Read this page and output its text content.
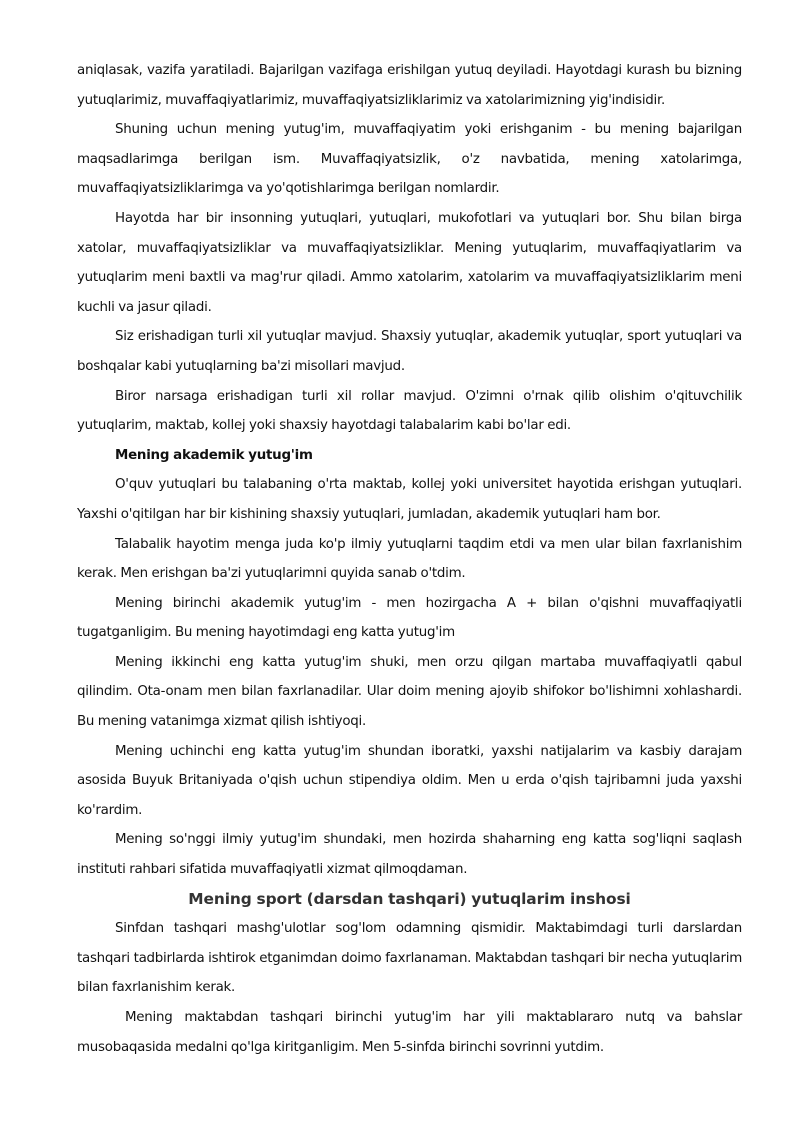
aniqlasak, vazifa yaratiladi. Bajarilgan vazifaga erishilgan yutuq deyiladi. Hayotdagi kurash bu bizning yutuqlarimiz, muvaffaqiyatlarimiz, muvaffaqiyatsizliklarimiz va xatolarimizning yig'indisidir.

Shuning uchun mening yutug'im, muvaffaqiyatim yoki erishganim - bu mening bajarilgan maqsadlarimga berilgan ism. Muvaffaqiyatsizlik, o'z navbatida, mening xatolarimga, muvaffaqiyatsizliklarimga va yo'qotishlarimga berilgan nomlardir.

Hayotda har bir insonning yutuqlari, yutuqlari, mukofotlari va yutuqlari bor. Shu bilan birga xatolar, muvaffaqiyatsizliklar va muvaffaqiyatsizliklar. Mening yutuqlarim, muvaffaqiyatlarim va yutuqlarim meni baxtli va mag'rur qiladi. Ammo xatolarim, xatolarim va muvaffaqiyatsizliklarim meni kuchli va jasur qiladi.

Siz erishadigan turli xil yutuqlar mavjud. Shaxsiy yutuqlar, akademik yutuqlar, sport yutuqlari va boshqalar kabi yutuqlarning ba'zi misollari mavjud.

Biror narsaga erishadigan turli xil rollar mavjud. O'zimni o'rnak qilib olishim o'qituvchilik yutuqlarim, maktab, kollej yoki shaxsiy hayotdagi talabalarim kabi bo'lar edi.

Mening akademik yutug'im

O'quv yutuqlari bu talabaning o'rta maktab, kollej yoki universitet hayotida erishgan yutuqlari. Yaxshi o'qitilgan har bir kishining shaxsiy yutuqlari, jumladan, akademik yutuqlari ham bor.

Talabalik hayotim menga juda ko'p ilmiy yutuqlarni taqdim etdi va men ular bilan faxrlanishim kerak. Men erishgan ba'zi yutuqlarimni quyida sanab o'tdim.

Mening birinchi akademik yutug'im - men hozirgacha A + bilan o'qishni muvaffaqiyatli tugatganligim. Bu mening hayotimdagi eng katta yutug'im

Mening ikkinchi eng katta yutug'im shuki, men orzu qilgan martaba muvaffaqiyatli qabul qilindim. Ota-onam men bilan faxrlanadilar. Ular doim mening ajoyib shifokor bo'lishimni xohlashardi. Bu mening vatanimga xizmat qilish ishtiyoqi.

Mening uchinchi eng katta yutug'im shundan iboratki, yaxshi natijalarim va kasbiy darajam asosida Buyuk Britaniyada o'qish uchun stipendiya oldim. Men u erda o'qish tajribamni juda yaxshi ko'rardim.

Mening so'nggi ilmiy yutug'im shundaki, men hozirda shaharning eng katta sog'liqni saqlash instituti rahbari sifatida muvaffaqiyatli xizmat qilmoqdaman.

Mening sport (darsdan tashqari) yutuqlarim inshosi

Sinfdan tashqari mashg'ulotlar sog'lom odamning qismidir. Maktabimdagi turli darslardan tashqari tadbirlarda ishtirok etganimdan doimo faxrlanaman. Maktabdan tashqari bir necha yutuqlarim bilan faxrlanishim kerak.

Mening maktabdan tashqari birinchi yutug'im har yili maktablararo nutq va bahslar musobaqasida medalni qo'lga kiritganligim. Men 5-sinfda birinchi sovrinni yutdim.
